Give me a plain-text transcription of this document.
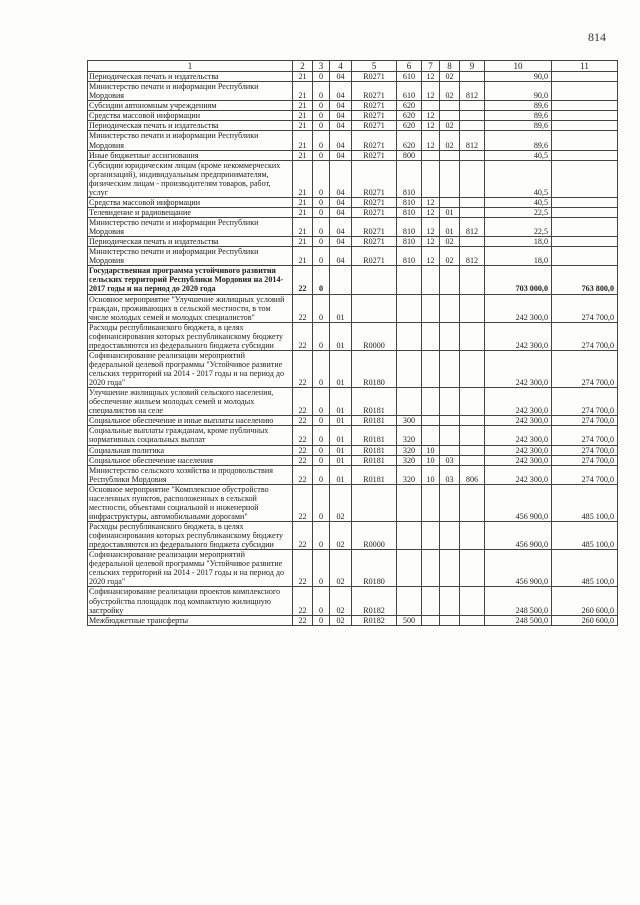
814
1	2	3	4	5	6	7	8	9	10	11
Периодическая печать и издательства	21	0	04	R0271	610	12	02		90,0	
Министерство печати и информации Республики Мордовия	21	0	04	R0271	610	12	02	812	90,0	
Субсидии автономным учреждениям	21	0	04	R0271	620				89,6	
Средства массовой информации	21	0	04	R0271	620	12			89,6	
Периодическая печать и издательства	21	0	04	R0271	620	12	02		89,6	
Министерство печати и информации Республики Мордовия	21	0	04	R0271	620	12	02	812	89,6	
Иные бюджетные ассигнования	21	0	04	R0271	800				40,5	
Субсидии юридическим лицам (кроме некоммерческих организаций), индивидуальным предпринимателям, физическим лицам - производителям товаров, работ, услуг	21	0	04	R0271	810				40,5	
Средства массовой информации	21	0	04	R0271	810	12			40,5	
Телевидение и радиовещание	21	0	04	R0271	810	12	01		22,5	
Министерство печати и информации Республики Мордовия	21	0	04	R0271	810	12	01	812	22,5	
Периодическая печать и издательства	21	0	04	R0271	810	12	02		18,0	
Министерство печати и информации Республики Мордовия	21	0	04	R0271	810	12	02	812	18,0	
Государственная программа устойчивого развития сельских территорий Республики Мордовия на 2014-2017 годы и на период до 2020 года	22	0							703 000,0	763 800,0
Основное мероприятие "Улучшение жилищных условий граждан, проживающих в сельской местности, в том числе молодых семей и молодых специалистов"	22	0	01						242 300,0	274 700,0
Расходы республиканского бюджета, в целях софинансирования которых республиканскому бюджету предоставляются из федерального бюджета субсидии	22	0	01	R0000					242 300,0	274 700,0
Софинансирование реализации мероприятий федеральной целевой программы "Устойчивое развитие сельских территорий на 2014 - 2017 годы и на период до 2020 года"	22	0	01	R0180					242 300,0	274 700,0
Улучшение жилищных условий сельского населения, обеспечение жильем молодых семей и молодых специалистов на селе	22	0	01	R0181					242 300,0	274 700,0
Социальное обеспечение и иные выплаты населению	22	0	01	R0181	300				242 300,0	274 700,0
Социальные выплаты гражданам, кроме публичных нормативных социальных выплат	22	0	01	R0181	320				242 300,0	274 700,0
Социальная политика	22	0	01	R0181	320	10			242 300,0	274 700,0
Социальное обеспечение населения	22	0	01	R0181	320	10	03		242 300,0	274 700,0
Министерство сельского хозяйства и продовольствия Республики Мордовия	22	0	01	R0181	320	10	03	806	242 300,0	274 700,0
Основное мероприятие "Комплексное обустройство населенных пунктов, расположенных в сельской местности, объектами социальной и инженерной инфраструктуры, автомобильными дорогами"	22	0	02						456 900,0	485 100,0
Расходы республиканского бюджета, в целях софинансирования которых республиканскому бюджету предоставляются из федерального бюджета субсидии	22	0	02	R0000					456 900,0	485 100,0
Софинансирование реализации мероприятий федеральной целевой программы "Устойчивое развитие сельских территорий на 2014 - 2017 годы и на период до 2020 года"	22	0	02	R0180					456 900,0	485 100,0
Софинансирование реализации проектов комплексного обустройства площадок под компактную жилищную застройку	22	0	02	R0182					248 500,0	260 600,0
Межбюджетные трансферты	22	0	02	R0182	500				248 500,0	260 600,0
